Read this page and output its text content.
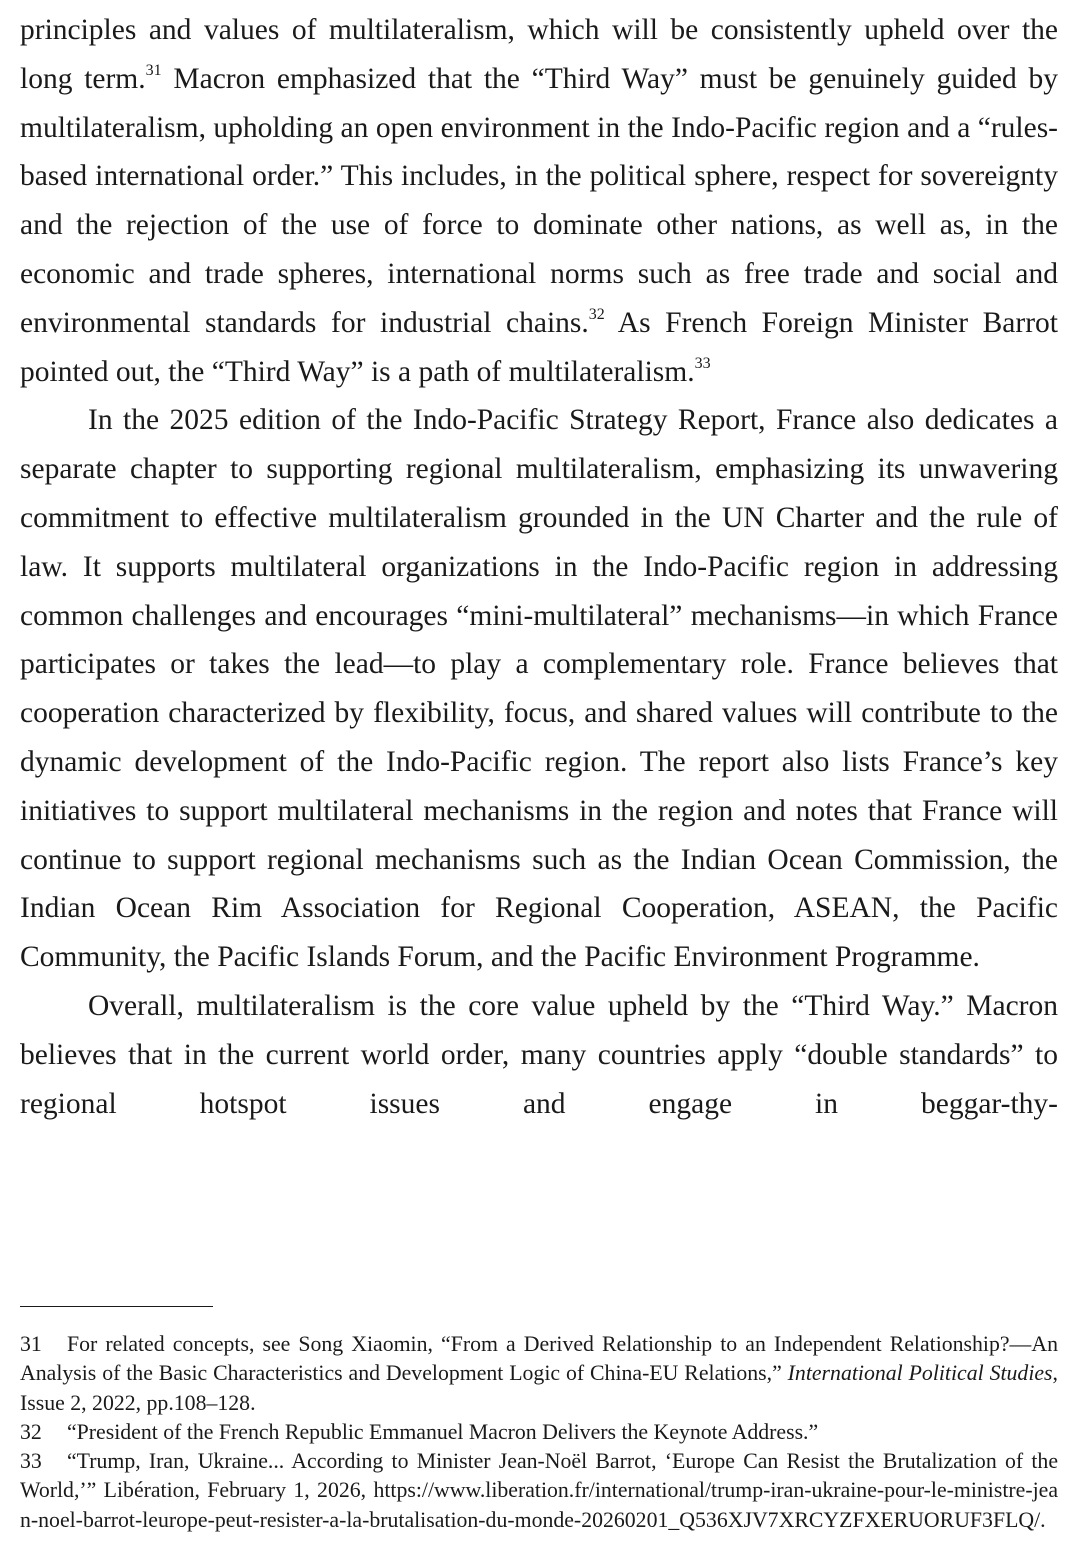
principles and values of multilateralism, which will be consistently upheld over the long term.$^{31}$ Macron emphasized that the “Third Way” must be genuinely guided by multilateralism, upholding an open environment in the Indo-Pacific region and a “rules-based international order.” This includes, in the political sphere, respect for sovereignty and the rejection of the use of force to dominate other nations, as well as, in the economic and trade spheres, international norms such as free trade and social and environmental standards for industrial chains.$^{32}$ As French Foreign Minister Barrot pointed out, the “Third Way” is a path of multilateralism.$^{33}$

In the 2025 edition of the Indo-Pacific Strategy Report, France also dedicates a separate chapter to supporting regional multilateralism, emphasizing its unwavering commitment to effective multilateralism grounded in the UN Charter and the rule of law. It supports multilateral organizations in the Indo-Pacific region in addressing common challenges and encourages “mini-multilateral” mechanisms—in which France participates or takes the lead—to play a complementary role. France believes that cooperation characterized by flexibility, focus, and shared values will contribute to the dynamic development of the Indo-Pacific region. The report also lists France’s key initiatives to support multilateral mechanisms in the region and notes that France will continue to support regional mechanisms such as the Indian Ocean Commission, the Indian Ocean Rim Association for Regional Cooperation, ASEAN, the Pacific Community, the Pacific Islands Forum, and the Pacific Environment Programme.

Overall, multilateralism is the core value upheld by the “Third Way.” Macron believes that in the current world order, many countries apply “double standards” to regional hotspot issues and engage in beggar-thy-

31 For related concepts, see Song Xiaomin, “From a Derived Relationship to an Independent Relationship?—An Analysis of the Basic Characteristics and Development Logic of China-EU Relations,” International Political Studies, Issue 2, 2022, pp.108–128.

32 “President of the French Republic Emmanuel Macron Delivers the Keynote Address.”

33 “Trump, Iran, Ukraine... According to Minister Jean-Noël Barrot, ‘Europe Can Resist the Brutalization of the World,’” Libération, February 1, 2026, https://www.liberation.fr/international/trump-iran-ukraine-pour-le-ministre-jean-noel-barrot-leurope-peut-resister-a-la-brutalisation-du-monde-20260201_Q536XJV7XRCYZFXERUORUF3FLQ/.
